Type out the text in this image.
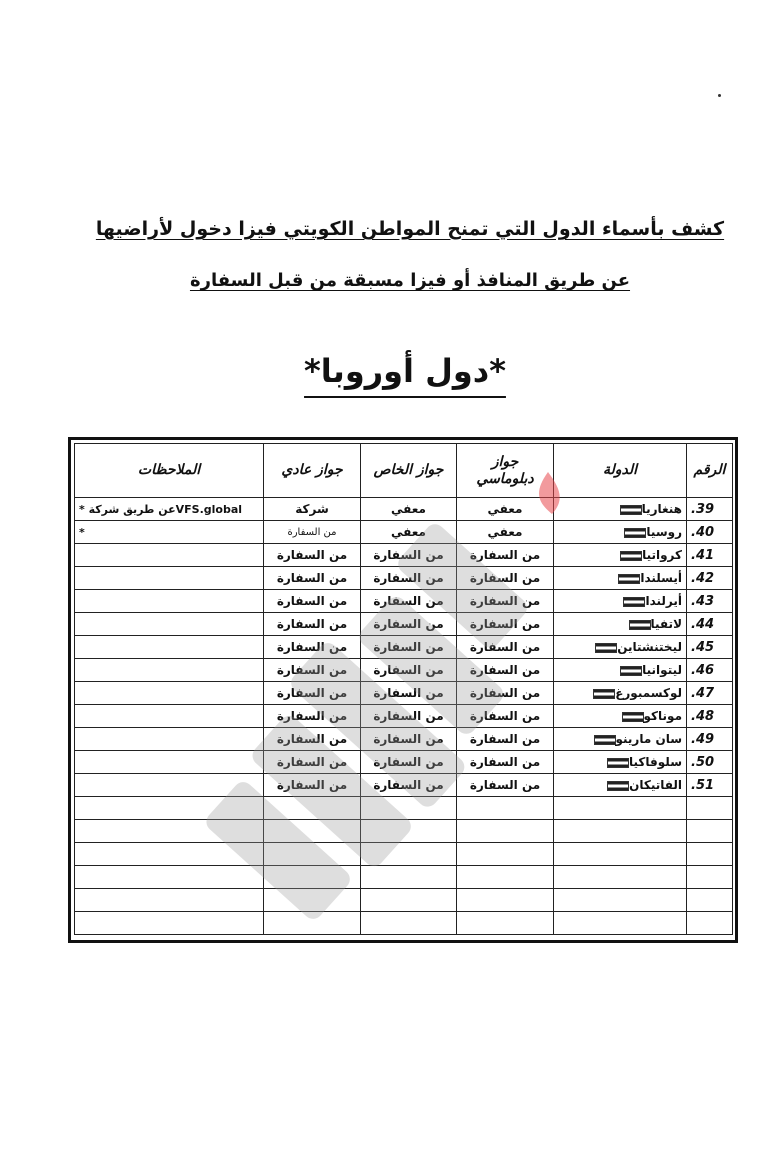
كشف بأسماء الدول التي تمنح المواطن الكويتي فيزا دخول لأراضيها
عن طريق المنافذ أو فيزا مسبقة من قبل السفارة
*دول أوروبا*
الرقم	الدولة	جواز دبلوماسي	جواز الخاص	جواز عادي	الملاحظات
39.	هنغاريا	معفي	معفي	شركة	VFS.globalعن طريق شركة *
40.	روسيا	معفي	معفي	من السفارة	*
41.	كرواتيا	من السفارة	من السفارة	من السفارة	
42.	أيسلندا	من السفارة	من السفارة	من السفارة	
43.	أيرلندا	من السفارة	من السفارة	من السفارة	
44.	لاتفيا	من السفارة	من السفارة	من السفارة	
45.	ليختنشتاين	من السفارة	من السفارة	من السفارة	
46.	ليتوانيا	من السفارة	من السفارة	من السفارة	
47.	لوكسمبورغ	من السفارة	من السفارة	من السفارة	
48.	موناكو	من السفارة	من السفارة	من السفارة	
49.	سان مارينو	من السفارة	من السفارة	من السفارة	
50.	سلوفاكيا	من السفارة	من السفارة	من السفارة	
51.	الفاتيكان	من السفارة	من السفارة	من السفارة	
